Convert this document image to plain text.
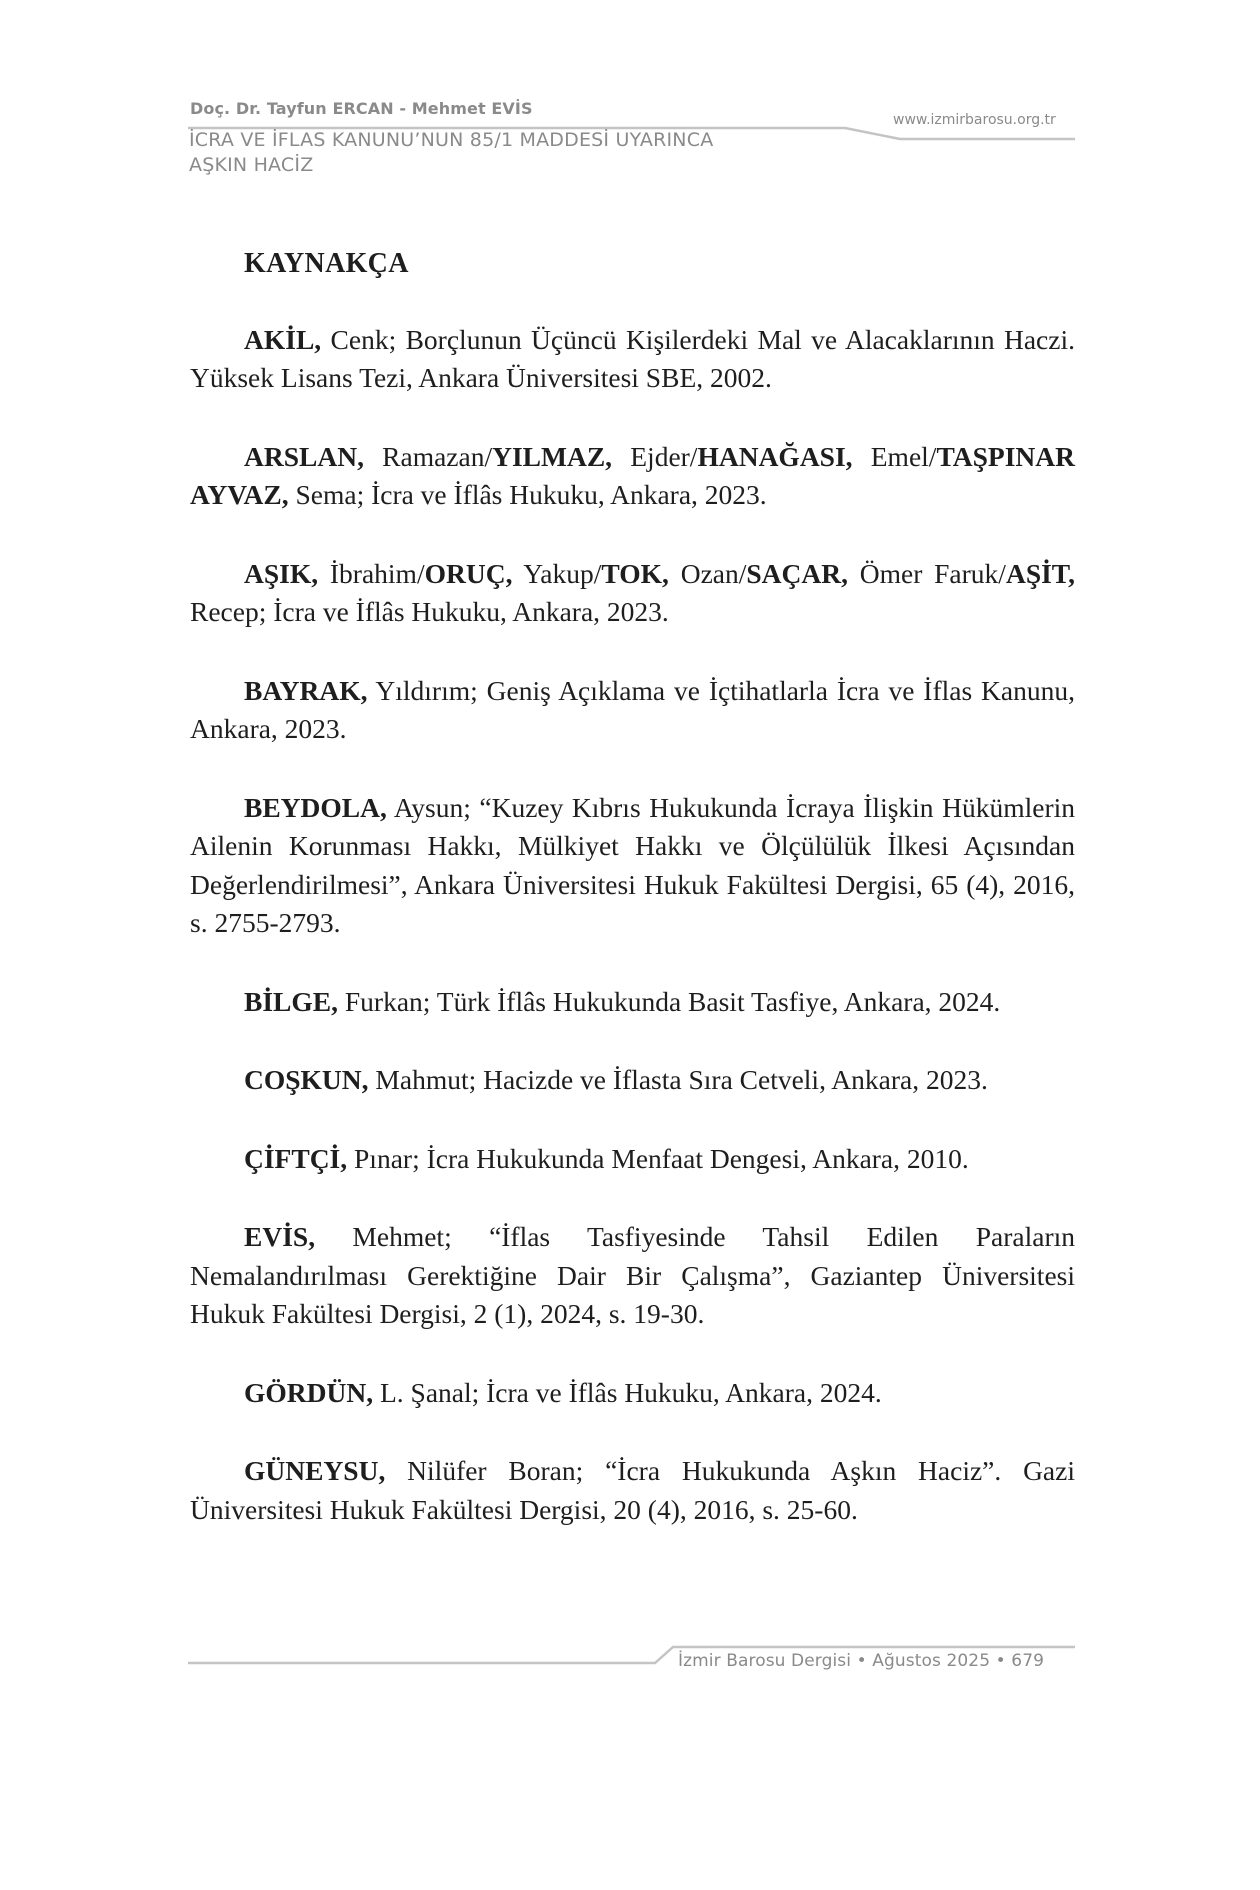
Doç. Dr. Tayfun ERCAN - Mehmet EVİS
İCRA VE İFLAS KANUNU’NUN 85/1 MADDESİ UYARINCA
AŞKIN HACİZ
www.izmirbarosu.org.tr
KAYNAKÇA

AKİL, Cenk; Borçlunun Üçüncü Kişilerdeki Mal ve Alacaklarının Haczi. Yüksek Lisans Tezi, Ankara Üniversitesi SBE, 2002.

ARSLAN, Ramazan/YILMAZ, Ejder/HANAĞASI, Emel/TAŞPINAR AYVAZ, Sema; İcra ve İflâs Hukuku, Ankara, 2023.

AŞIK, İbrahim/ORUÇ, Yakup/TOK, Ozan/SAÇAR, Ömer Faruk/AŞİT, Recep; İcra ve İflâs Hukuku, Ankara, 2023.

BAYRAK, Yıldırım; Geniş Açıklama ve İçtihatlarla İcra ve İflas Kanunu, Ankara, 2023.

BEYDOLA, Aysun; “Kuzey Kıbrıs Hukukunda İcraya İlişkin Hükümlerin Ailenin Korunması Hakkı, Mülkiyet Hakkı ve Ölçülülük İlkesi Açısından Değerlendirilmesi”, Ankara Üniversitesi Hukuk Fakültesi Dergisi, 65 (4), 2016, s. 2755-2793.

BİLGE, Furkan; Türk İflâs Hukukunda Basit Tasfiye, Ankara, 2024.

COŞKUN, Mahmut; Hacizde ve İflasta Sıra Cetveli, Ankara, 2023.

ÇİFTÇİ, Pınar; İcra Hukukunda Menfaat Dengesi, Ankara, 2010.

EVİS, Mehmet; “İflas Tasfiyesinde Tahsil Edilen Paraların Nemalandırılması Gerektiğine Dair Bir Çalışma”, Gaziantep Üniversitesi Hukuk Fakültesi Dergisi, 2 (1), 2024, s. 19-30.

GÖRDÜN, L. Şanal; İcra ve İflâs Hukuku, Ankara, 2024.

GÜNEYSU, Nilüfer Boran; “İcra Hukukunda Aşkın Haciz”. Gazi Üniversitesi Hukuk Fakültesi Dergisi, 20 (4), 2016, s. 25-60.

İzmir Barosu Dergisi • Ağustos 2025 • 679
